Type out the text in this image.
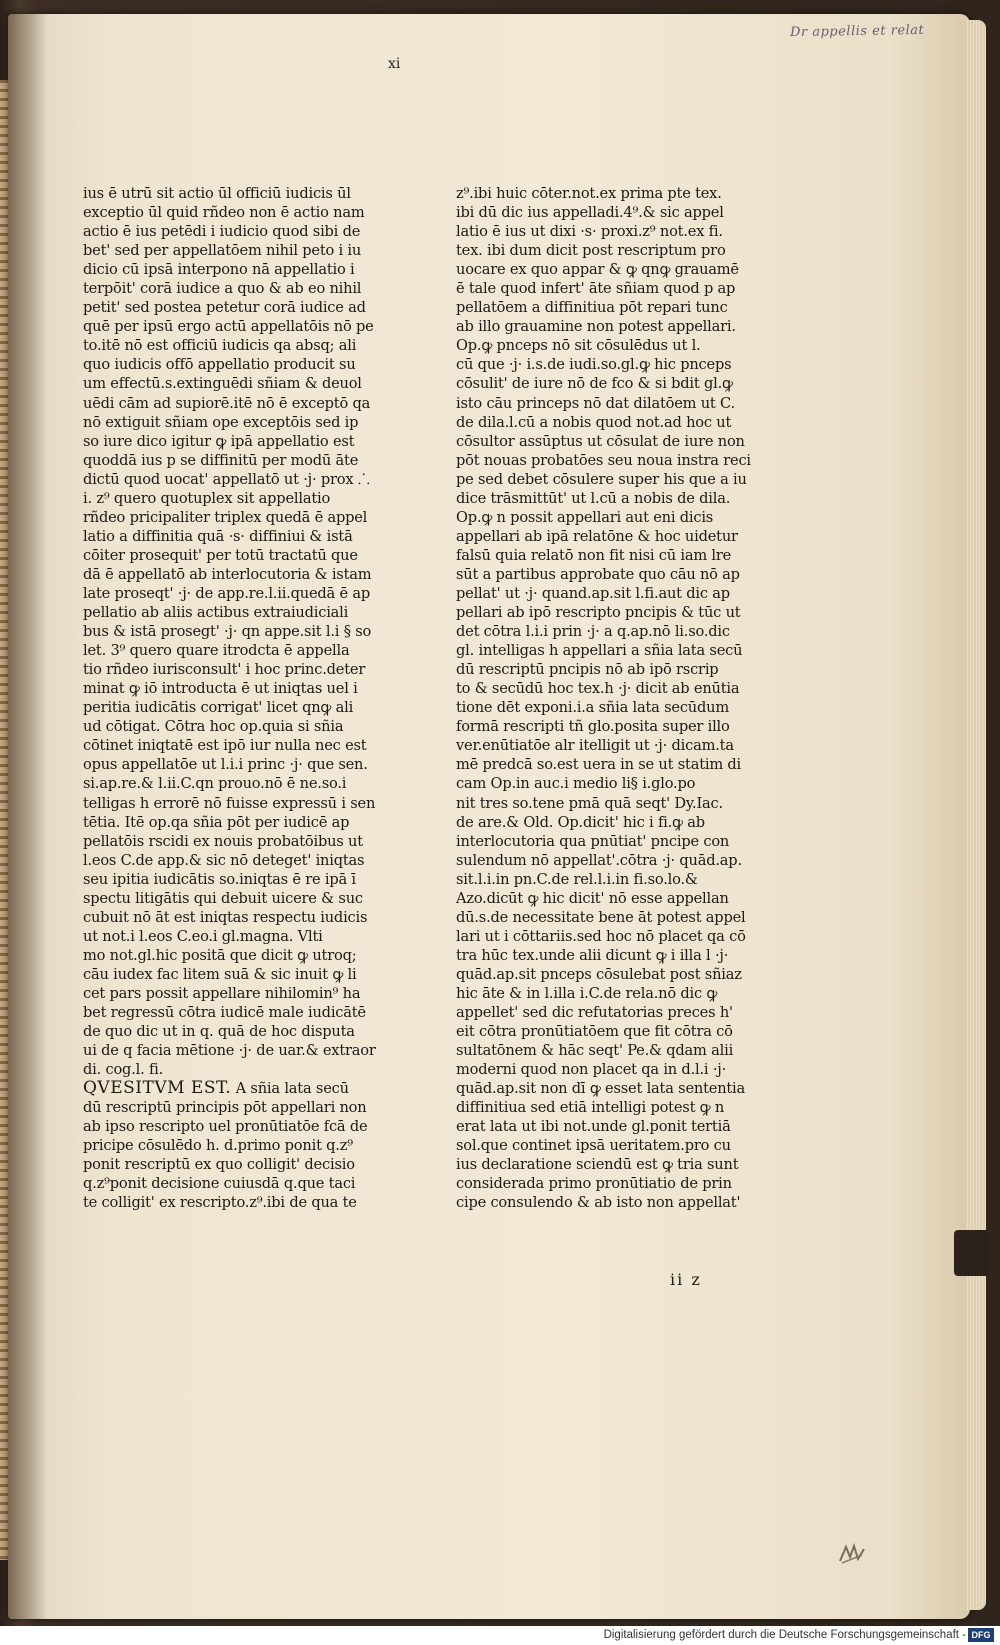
Dr appellis et relat
xi
ius ē utrū sit actio ūl officiū iudicis ūl
exceptio ūl quid rñdeo non ē actio nam
actio ē ius petēdi i iudicio quod sibi de
bet' sed per appellatōem nihil peto i iu
dicio cū ipsā interpono nā appellatio i
terpōit' corā iudice a quo & ab eo nihil
petit' sed postea petetur corā iudice ad
quē per ipsū ergo actū appellatōis nō pe
to.itē nō est officiū iudicis qa absq; ali
quo iudicis offō appellatio producit su
um effectū.s.extinguēdi sñiam & deuol
uēdi cām ad supiorē.itē nō ē exceptō qa
nō extiguit sñiam ope exceptōis sed ip
so iure dico igitur ꝙ ipā appellatio est
quoddā ius p se diffinitū per modū āte
dictū quod uocat' appellatō ut ·j· prox ⸫
i. z⁹ quero quotuplex sit appellatio
rñdeo pricipaliter triplex quedā ē appel
latio a diffinitia quā ·s· diffiniui & istā
cōiter prosequit' per totū tractatū que
dā ē appellatō ab interlocutoria & istam
late proseqt' ·j· de app.re.l.ii.quedā ē ap
pellatio ab aliis actibus extraiudiciali
bus & istā prosegt' ·j· qn appe.sit l.i § so
let. 3⁹ quero quare itrodcta ē appella
tio rñdeo iurisconsult' i hoc princ.deter
minat ꝙ iō introducta ē ut iniqtas uel i
peritia iudicātis corrigat' licet qnꝙ ali
ud cōtigat. Cōtra hoc op.quia si sñia
cōtinet iniqtatē est ipō iur nulla nec est
opus appellatōe ut l.i.i princ ·j· que sen.
si.ap.re.& l.ii.C.qn prouo.nō ē ne.so.i
telligas h errorē nō fuisse expressū i sen
tētia. Itē op.qa sñia pōt per iudicē ap
pellatōis rscidi ex nouis probatōibus ut
l.eos C.de app.& sic nō deteget' iniqtas
seu ipitia iudicātis so.iniqtas ē re ipā ī
spectu litigātis qui debuit uicere & suc
cubuit nō āt est iniqtas respectu iudicis
ut not.i l.eos C.eo.i gl.magna. Vlti
mo not.gl.hic positā que dicit ꝙ utroq;
cāu iudex fac litem suā & sic inuit ꝙ li
cet pars possit appellare nihilomin⁹ ha
bet regressū cōtra iudicē male iudicātē
de quo dic ut in q. quā de hoc disputa
ui de q facia mētione ·j· de uar.& extraor
di. cog.l. fi.
QVESITVM EST. A sñia lata secū
dū rescriptū principis pōt appellari non
ab ipso rescripto uel pronūtiatōe fcā de
pricipe cōsulēdo h. d.primo ponit q.z⁹
ponit rescriptū ex quo colligit' decisio
q.z⁹ponit decisione cuiusdā q.que taci
te colligit' ex rescripto.z⁹.ibi de qua te
z⁹.ibi huic cōter.not.ex prima pte tex.
ibi dū dic ius appelladi.4⁹.& sic appel
latio ē ius ut dixi ·s· proxi.z⁹ not.ex fi.
tex. ibi dum dicit post rescriptum pro
uocare ex quo appar & ꝙ qnꝙ grauamē
ē tale quod infert' āte sñiam quod p ap
pellatōem a diffinitiua pōt repari tunc
ab illo grauamine non potest appellari.
Op.ꝙ pnceps nō sit cōsulēdus ut l.
cū que ·j· i.s.de iudi.so.gl.ꝙ hic pnceps
cōsulit' de iure nō de fco & si bdit gl.ꝙ
isto cāu princeps nō dat dilatōem ut C.
de dila.l.cū a nobis quod not.ad hoc ut
cōsultor assūptus ut cōsulat de iure non
pōt nouas probatōes seu noua instra reci
pe sed debet cōsulere super his que a iu
dice trāsmittūt' ut l.cū a nobis de dila.
Op.ꝙ n possit appellari aut eni dicis
appellari ab ipā relatōne & hoc uidetur
falsū quia relatō non fit nisi cū iam lre
sūt a partibus approbate quo cāu nō ap
pellat' ut ·j· quand.ap.sit l.fi.aut dic ap
pellari ab ipō rescripto pncipis & tūc ut
det cōtra l.i.i prin ·j· a q.ap.nō li.so.dic
gl. intelligas h appellari a sñia lata secū
dū rescriptū pncipis nō ab ipō rscrip
to & secūdū hoc tex.h ·j· dicit ab enūtia
tione dēt exponi.i.a sñia lata secūdum
formā rescripti tñ glo.posita super illo
ver.enūtiatōe alr itelligit ut ·j· dicam.ta
mē predcā so.est uera in se ut statim di
cam Op.in auc.i medio li§ i.glo.po
nit tres so.tene pmā quā seqt' Dy.Iac.
de are.& Old. Op.dicit' hic i fi.ꝙ ab
interlocutoria qua pnūtiat' pncipe con
sulendum nō appellat'.cōtra ·j· quād.ap.
sit.l.i.in pn.C.de rel.l.i.in fi.so.lo.&
Azo.dicūt ꝙ hic dicit' nō esse appellan
dū.s.de necessitate bene āt potest appel
lari ut i cōttariis.sed hoc nō placet qa cō
tra hūc tex.unde alii dicunt ꝙ i illa l ·j·
quād.ap.sit pnceps cōsulebat post sñiaz
hic āte & in l.illa i.C.de rela.nō dic ꝙ
appellet' sed dic refutatorias preces h'
eit cōtra pronūtiatōem que fit cōtra cō
sultatōnem & hāc seqt' Pe.& qdam alii
moderni quod non placet qa in d.l.i ·j·
quād.ap.sit non dī ꝙ esset lata sententia
diffinitiua sed etiā intelligi potest ꝙ n
erat lata ut ibi not.unde gl.ponit tertiā
sol.que continet ipsā ueritatem.pro cu
ius declaratione sciendū est ꝙ tria sunt
considerada primo pronūtiatio de prin
cipe consulendo & ab isto non appellat'
ii z
Digitalisierung gefördert durch die Deutsche Forschungsgemeinschaft - DFG
